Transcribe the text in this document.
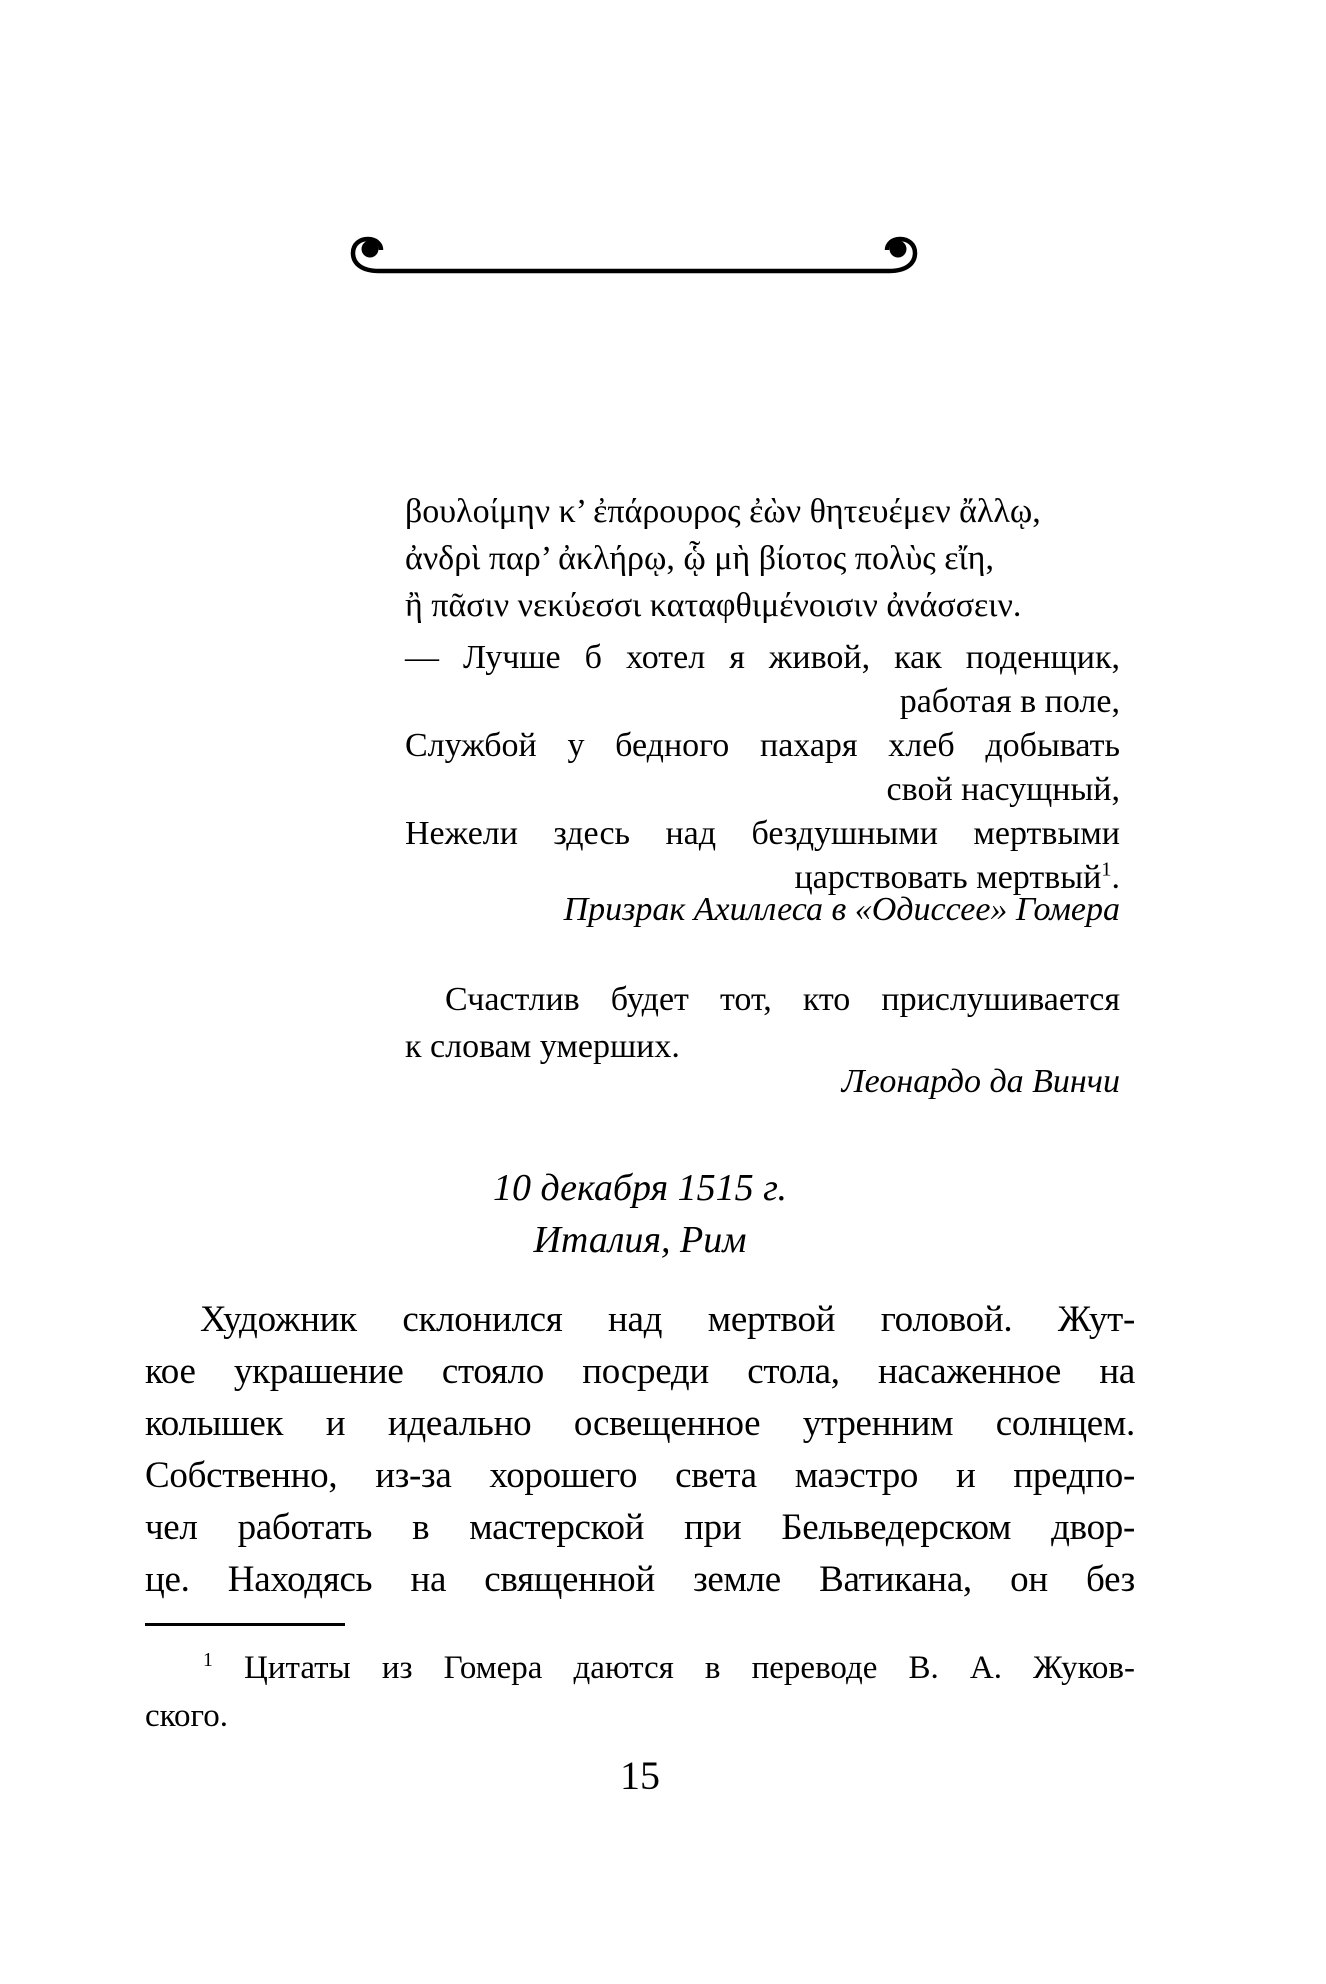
βουλοίμην κ’ ἐπάρουρος ἐὼν θητευέμεν ἄλλῳ,
ἀνδρὶ παρ’ ἀκλήρῳ, ᾧ μὴ βίοτος πολὺς εἴη,
ἢ πᾶσιν νεκύεσσι καταφθιμένοισιν ἀνάσσειν.
— Лучше б хотел я живой, как поденщик,
работая в поле,
Службой у бедного пахаря хлеб добывать
свой насущный,
Нежели здесь над бездушными мертвыми
царствовать мертвый$^1$.
Призрак Ахиллеса в «Одиссее» Гомера
Счастлив будет тот, кто прислушивается
к словам умерших.
Леонардо да Винчи
10 декабря 1515 г.
Италия, Рим
Художник склонился над мертвой головой. Жут-
кое украшение стояло посреди стола, насаженное на
колышек и идеально освещенное утренним солнцем.
Собственно, из-за хорошего света маэстро и предпо-
чел работать в мастерской при Бельведерском двор-
це. Находясь на священной земле Ватикана, он без
$^1$ Цитаты из Гомера даются в переводе В. А. Жуков-
ского.
15
